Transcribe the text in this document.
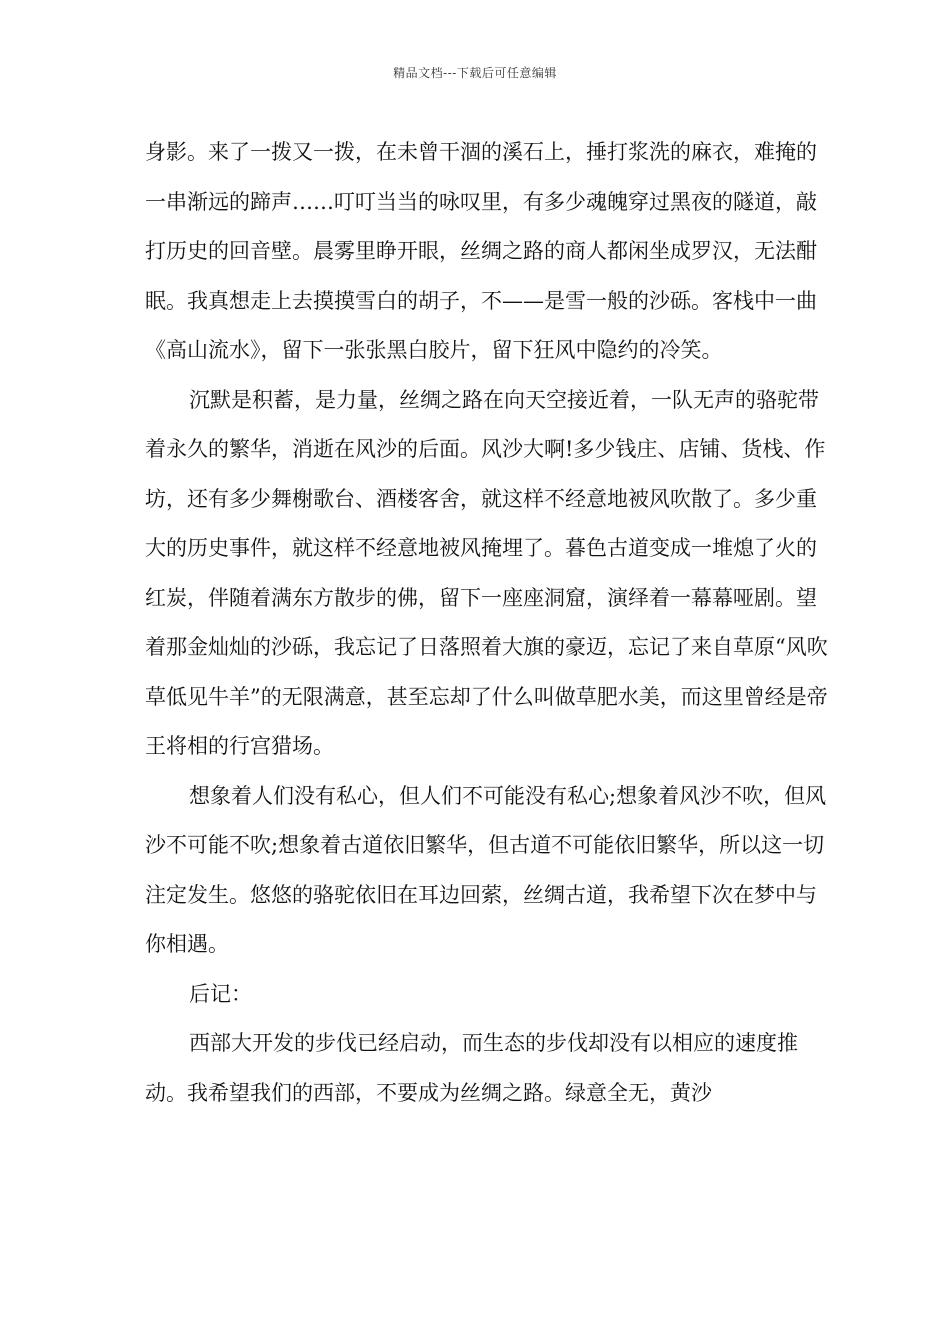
精品文档---下载后可任意编辑

身影。来了一拨又一拨，在未曾干涸的溪石上，捶打浆洗的麻衣，难掩的一串渐远的蹄声……叮叮当当的咏叹里，有多少魂魄穿过黑夜的隧道，敲打历史的回音壁。晨雾里睁开眼，丝绸之路的商人都闲坐成罗汉，无法酣眠。我真想走上去摸摸雪白的胡子，不——是雪一般的沙砾。客栈中一曲《高山流水》，留下一张张黑白胶片，留下狂风中隐约的冷笑。

沉默是积蓄，是力量，丝绸之路在向天空接近着，一队无声的骆驼带着永久的繁华，消逝在风沙的后面。风沙大啊!多少钱庄、店铺、货栈、作坊，还有多少舞榭歌台、酒楼客舍，就这样不经意地被风吹散了。多少重大的历史事件，就这样不经意地被风掩埋了。暮色古道变成一堆熄了火的红炭，伴随着满东方散步的佛，留下一座座洞窟，演绎着一幕幕哑剧。望着那金灿灿的沙砾，我忘记了日落照着大旗的豪迈，忘记了来自草原“风吹草低见牛羊”的无限满意，甚至忘却了什么叫做草肥水美，而这里曾经是帝王将相的行宫猎场。

想象着人们没有私心，但人们不可能没有私心;想象着风沙不吹，但风沙不可能不吹;想象着古道依旧繁华，但古道不可能依旧繁华，所以这一切注定发生。悠悠的骆驼依旧在耳边回萦，丝绸古道，我希望下次在梦中与你相遇。

后记：

西部大开发的步伐已经启动，而生态的步伐却没有以相应的速度推动。我希望我们的西部，不要成为丝绸之路。绿意全无，黄沙
